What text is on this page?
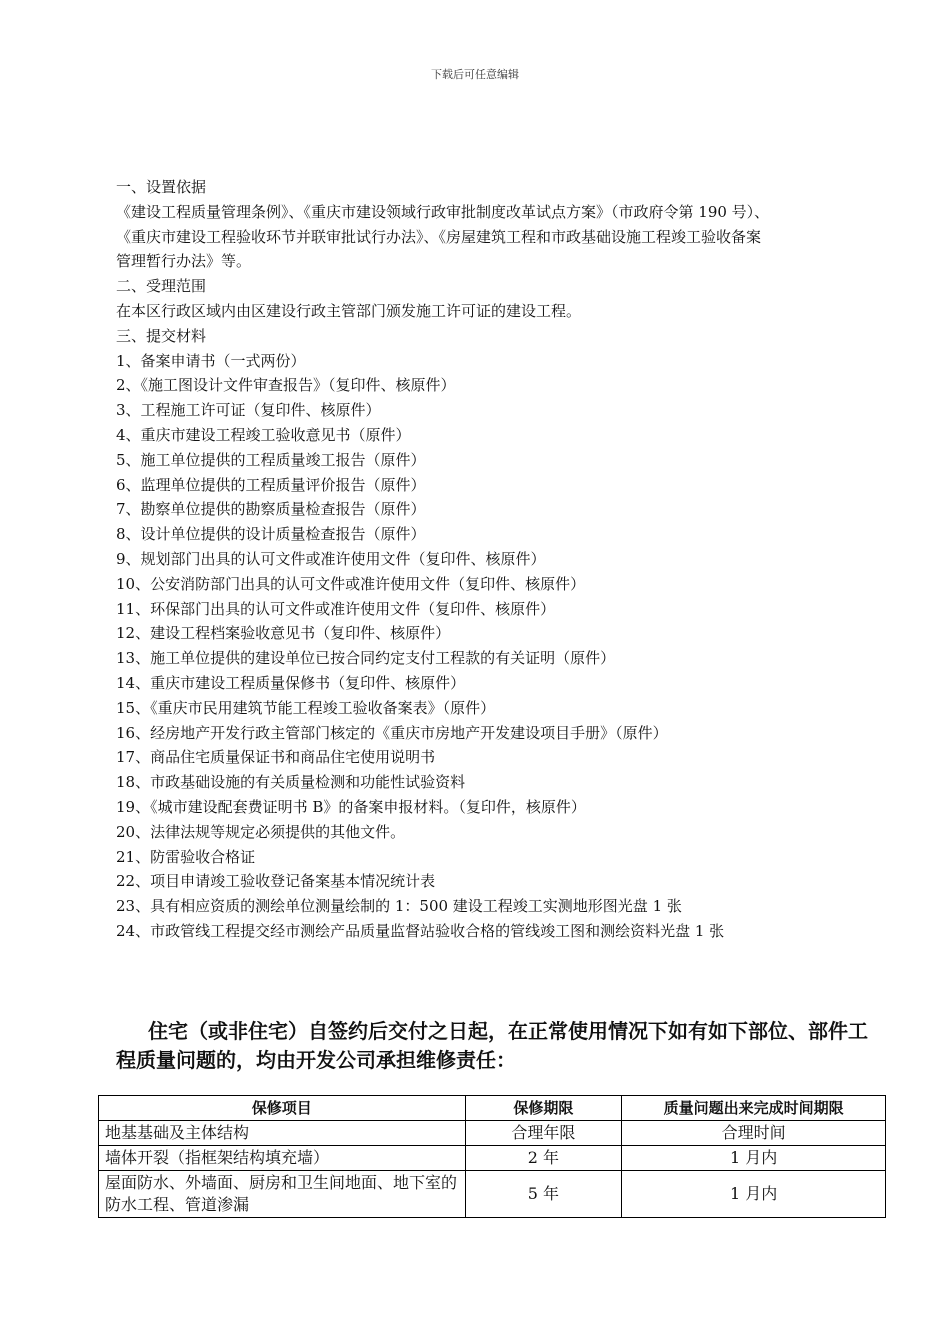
下载后可任意编辑

一、设置依据

《建设工程质量管理条例》、《重庆市建设领域行政审批制度改革试点方案》（市政府令第 190 号）、

《重庆市建设工程验收环节并联审批试行办法》、《房屋建筑工程和市政基础设施工程竣工验收备案

管理暂行办法》等。

二、受理范围

在本区行政区域内由区建设行政主管部门颁发施工许可证的建设工程。

三、提交材料

1、备案申请书（一式两份）

2、《施工图设计文件审查报告》（复印件、核原件）

3、工程施工许可证（复印件、核原件）

4、重庆市建设工程竣工验收意见书（原件）

5、施工单位提供的工程质量竣工报告（原件）

6、监理单位提供的工程质量评价报告（原件）

7、勘察单位提供的勘察质量检查报告（原件）

8、设计单位提供的设计质量检查报告（原件）

9、规划部门出具的认可文件或准许使用文件（复印件、核原件）

10、公安消防部门出具的认可文件或准许使用文件（复印件、核原件）

11、环保部门出具的认可文件或准许使用文件（复印件、核原件）

12、建设工程档案验收意见书（复印件、核原件）

13、施工单位提供的建设单位已按合同约定支付工程款的有关证明（原件）

14、重庆市建设工程质量保修书（复印件、核原件）

15、《重庆市民用建筑节能工程竣工验收备案表》（原件）

16、经房地产开发行政主管部门核定的《重庆市房地产开发建设项目手册》（原件）

17、商品住宅质量保证书和商品住宅使用说明书

18、市政基础设施的有关质量检测和功能性试验资料

19、《城市建设配套费证明书 B》的备案申报材料。（复印件，核原件）

20、法律法规等规定必须提供的其他文件。

21、防雷验收合格证

22、项目申请竣工验收登记备案基本情况统计表

23、具有相应资质的测绘单位测量绘制的 1：500 建设工程竣工实测地形图光盘 1 张

24、市政管线工程提交经市测绘产品质量监督站验收合格的管线竣工图和测绘资料光盘 1 张

住宅（或非住宅）自签约后交付之日起，在正常使用情况下如有如下部位、部件工程质量问题的，均由开发公司承担维修责任：
保修项目	保修期限	质量问题出来完成时间期限
地基基础及主体结构	合理年限	合理时间
墙体开裂（指框架结构填充墙）	2 年	1 月内
屋面防水、外墙面、厨房和卫生间地面、地下室的防水工程、管道渗漏	5 年	1 月内
